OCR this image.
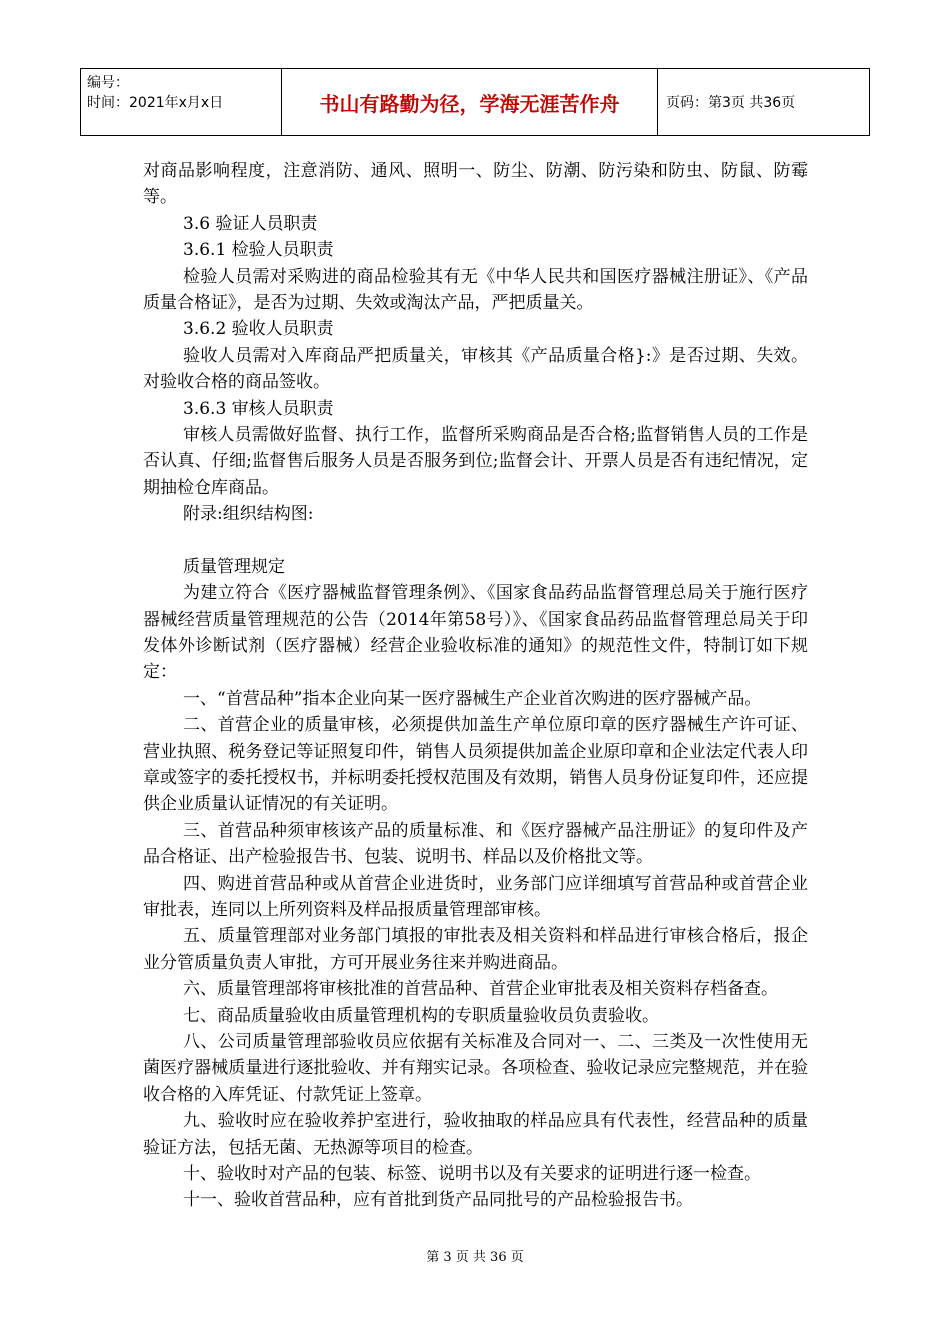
编号：
时间：2021年x月x日	书山有路勤为径，学海无涯苦作舟	页码：第3页 共36页

对商品影响程度，注意消防、通风、照明一、防尘、防潮、防污染和防虫、防鼠、防霉等。

3.6 验证人员职责

3.6.1 检验人员职责

检验人员需对采购进的商品检验其有无《中华人民共和国医疗器械注册证》、《产品质量合格证》，是否为过期、失效或淘汰产品，严把质量关。

3.6.2 验收人员职责

验收人员需对入库商品严把质量关，审核其《产品质量合格}:》是否过期、失效。对验收合格的商品签收。

3.6.3 审核人员职责

审核人员需做好监督、执行工作，监督所采购商品是否合格;监督销售人员的工作是否认真、仔细;监督售后服务人员是否服务到位;监督会计、开票人员是否有违纪情况，定期抽检仓库商品。

附录:组织结构图:

质量管理规定

为建立符合《医疗器械监督管理条例》、《国家食品药品监督管理总局关于施行医疗器械经营质量管理规范的公告（2014年第58号）》、《国家食品药品监督管理总局关于印发体外诊断试剂（医疗器械）经营企业验收标准的通知》的规范性文件，特制订如下规定：

一、“首营品种”指本企业向某一医疗器械生产企业首次购进的医疗器械产品。

二、首营企业的质量审核，必须提供加盖生产单位原印章的医疗器械生产许可证、营业执照、税务登记等证照复印件，销售人员须提供加盖企业原印章和企业法定代表人印章或签字的委托授权书，并标明委托授权范围及有效期，销售人员身份证复印件，还应提供企业质量认证情况的有关证明。

三、首营品种须审核该产品的质量标准、和《医疗器械产品注册证》的复印件及产品合格证、出产检验报告书、包装、说明书、样品以及价格批文等。

四、购进首营品种或从首营企业进货时，业务部门应详细填写首营品种或首营企业审批表，连同以上所列资料及样品报质量管理部审核。

五、质量管理部对业务部门填报的审批表及相关资料和样品进行审核合格后，报企业分管质量负责人审批，方可开展业务往来并购进商品。

六、质量管理部将审核批准的首营品种、首营企业审批表及相关资料存档备查。

七、商品质量验收由质量管理机构的专职质量验收员负责验收。

八、公司质量管理部验收员应依据有关标准及合同对一、二、三类及一次性使用无菌医疗器械质量进行逐批验收、并有翔实记录。各项检查、验收记录应完整规范，并在验收合格的入库凭证、付款凭证上签章。

九、验收时应在验收养护室进行，验收抽取的样品应具有代表性，经营品种的质量验证方法，包括无菌、无热源等项目的检查。

十、验收时对产品的包装、标签、说明书以及有关要求的证明进行逐一检查。

十一、验收首营品种，应有首批到货产品同批号的产品检验报告书。

第 3 页 共 36 页
